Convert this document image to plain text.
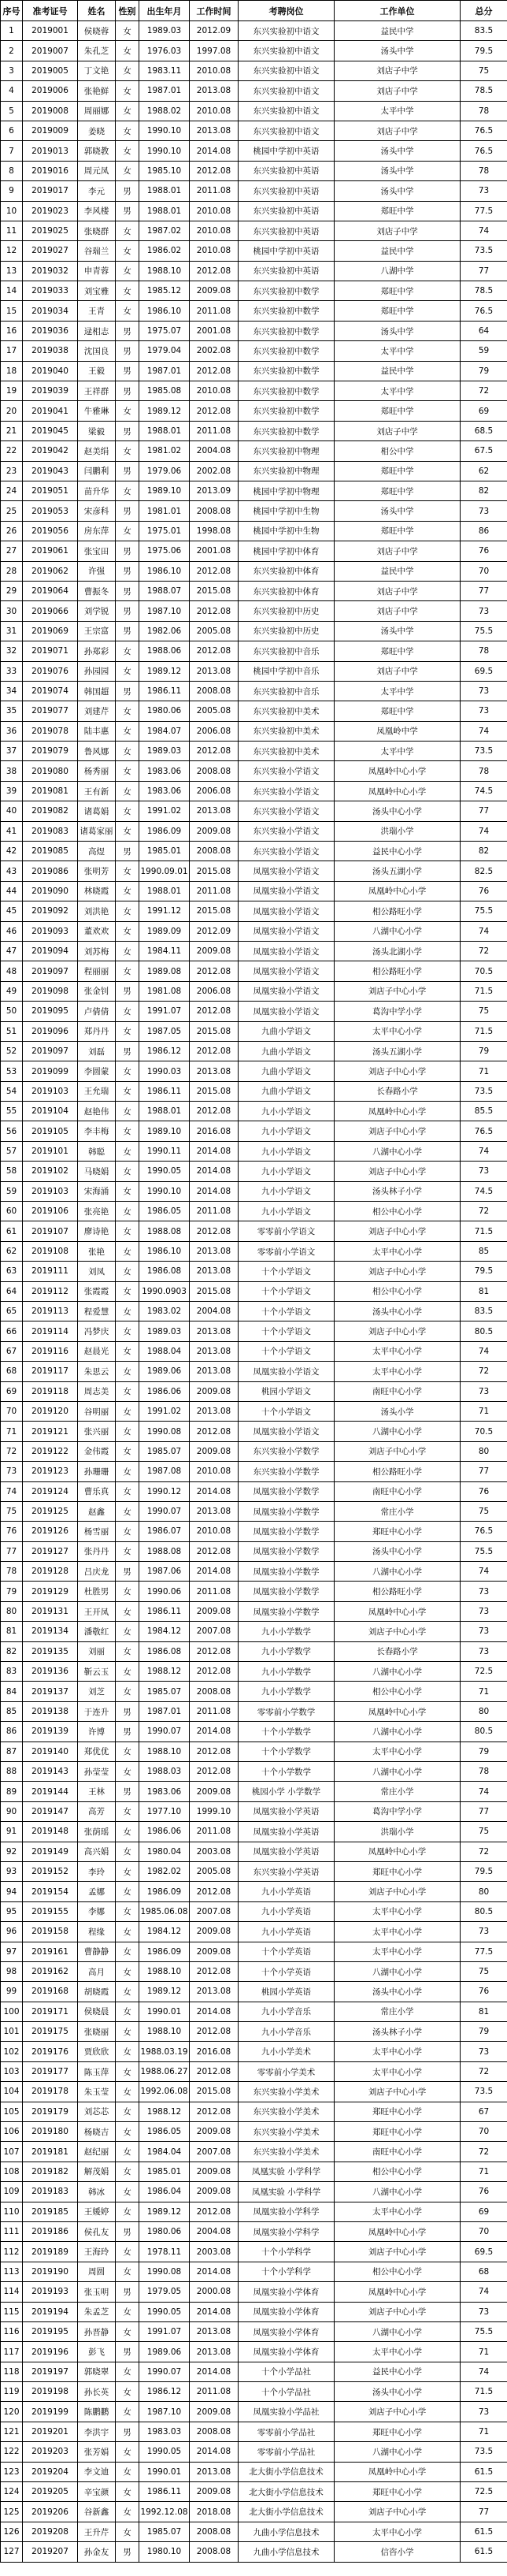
序号	准考证号	姓名	性别	出生年月	工作时间	考聘岗位	工作单位	总分
1	2019001	侯晓蓉	女	1989.03	2012.09	东兴实验初中语文	益民中学	83.5
2	2019007	朱孔芝	女	1976.03	1997.08	东兴实验初中语文	汤头中学	79.5
3	2019005	丁文艳	女	1983.11	2010.08	东兴实验初中语文	刘店子中学	75
4	2019006	张艳鲜	女	1987.01	2013.08	东兴实验初中语文	刘店子中学	78.5
5	2019008	周丽娜	女	1988.02	2010.08	东兴实验初中语文	太平中学	78
6	2019009	姜晓	女	1990.10	2013.08	东兴实验初中语文	刘店子中学	76.5
7	2019013	郭晓教	女	1990.10	2014.08	桃园中学初中英语	汤头中学	76.5
8	2019016	周元凤	女	1985.10	2012.08	东兴实验初中英语	汤头中学	78
9	2019017	李元	男	1988.01	2011.08	东兴实验初中英语	汤头中学	73
10	2019023	李风楼	男	1988.01	2010.08	东兴实验初中英语	郑旺中学	77.5
11	2019025	张晓群	女	1987.02	2010.08	东兴实验初中英语	刘店子中学	74
12	2019027	谷瑞兰	女	1986.02	2010.08	桃园中学初中英语	益民中学	73.5
13	2019032	申青蓉	女	1988.10	2012.08	东兴实验初中英语	八湖中学	77
14	2019033	刘宝雅	女	1985.12	2009.08	东兴实验初中数学	郑旺中学	78.5
15	2019034	王青	女	1986.10	2011.08	东兴实验初中数学	郑旺中学	76.5
16	2019036	逯相志	男	1975.07	2001.08	东兴实验初中数学	汤头中学	64
17	2019038	沈国良	男	1979.04	2002.08	东兴实验初中数学	太平中学	59
18	2019040	王毅	男	1987.01	2012.08	东兴实验初中数学	益民中学	79
19	2019039	王祥群	男	1985.08	2010.08	东兴实验初中数学	太平中学	72
20	2019041	牛雅琳	女	1989.12	2012.08	东兴实验初中数学	郑旺中学	69
21	2019045	梁毅	男	1988.01	2011.08	东兴实验初中数学	刘店子中学	68.5
22	2019042	赵美绢	女	1981.02	2004.08	东兴实验初中物理	相公中学	67.5
23	2019043	闫鹏利	男	1979.06	2002.08	东兴实验初中物理	郑旺中学	62
24	2019051	苗升华	女	1989.10	2013.09	桃园中学初中物理	郑旺中学	82
25	2019053	宋彦科	男	1981.01	2008.08	桃园中学初中生物	汤头中学	73
26	2019056	房东萍	女	1975.01	1998.08	桃园中学初中生物	郑旺中学	86
27	2019061	张宝田	男	1975.06	2001.08	桃园中学初中体育	刘店子中学	76
28	2019062	许强	男	1986.10	2012.08	东兴实验初中体育	益民中学	70
29	2019064	曹振冬	男	1988.07	2015.08	东兴实验初中体育	刘店子中学	77
30	2019066	刘学锐	男	1987.10	2012.08	东兴实验初中历史	刘店子中学	73
31	2019069	王宗富	男	1982.06	2005.08	东兴实验初中历史	汤头中学	75.5
32	2019071	孙郑彩	女	1988.06	2012.08	东兴实验初中音乐	郑旺中学	78
33	2019076	孙园园	女	1989.12	2013.08	桃园中学初中音乐	刘店子中学	69.5
34	2019074	韩国超	男	1986.11	2008.08	东兴实验初中音乐	太平中学	73
35	2019077	刘建芹	女	1980.06	2005.08	东兴实验初中美术	郑旺中学	73
36	2019078	陆丰惠	女	1984.07	2006.08	东兴实验初中美术	凤凰岭中学	74
37	2019079	鲁风娜	女	1989.03	2012.08	东兴实验初中美术	太平中学	73.5
38	2019080	杨秀丽	女	1983.06	2008.08	东兴实验小学语文	凤凰岭中心小学	78
39	2019081	王有新	女	1983.06	2006.08	东兴实验小学语文	凤凰岭中心小学	74.5
40	2019082	诸葛娟	女	1991.02	2013.08	东兴实验小学语文	汤头中心小学	77
41	2019083	诸葛家丽	女	1986.09	2009.08	东兴实验小学语文	洪瑞小学	74
42	2019085	高煜	男	1985.01	2008.08	东兴实验小学语文	益民中心小学	82
43	2019086	张明芳	女	1990.09.01	2015.08	凤凰实验小学语文	汤头五湖小学	82.5
44	2019090	林晓霞	女	1988.01	2011.08	凤凰实验小学语文	凤凰岭中心小学	76
45	2019092	刘洪艳	女	1991.12	2015.08	凤凰实验小学语文	相公路旺小学	75.5
46	2019093	董欢欢	女	1989.09	2012.09	凤凰实验小学语文	八湖中心小学	74
47	2019094	刘苏梅	女	1984.11	2009.08	凤凰实验小学语文	汤头北湖小学	72
48	2019097	程丽丽	女	1989.08	2012.08	凤凰实验小学语文	相公路旺小学	70.5
49	2019098	张金钊	男	1981.08	2006.08	凤凰实验小学语文	刘店子中心小学	71.5
50	2019095	卢倩倩	女	1991.07	2012.08	凤凰实验小学语文	葛沟中学小学	75
51	2019096	郑丹丹	女	1987.05	2015.08	九曲小学语文	太平中心小学	71.5
52	2019097	刘磊	男	1986.12	2012.08	九曲小学语文	汤头五湖小学	79
53	2019099	李圆蒙	女	1990.03	2013.08	九曲小学语文	刘店子中心小学	71
54	2019103	王允瑞	女	1986.11	2015.08	九曲小学语文	长春路小学	73.5
55	2019104	赵艳伟	女	1988.01	2012.08	九小小学语文	凤凰岭中心小学	85.5
56	2019105	李丰梅	女	1989.10	2016.08	九小小学语文	刘店子中心小学	76.5
57	2019101	韩聪	女	1990.11	2014.08	九小小学语文	八湖中心小学	74
58	2019102	马晓娟	女	1990.05	2014.08	九小小学语文	刘店子中心小学	73
59	2019103	宋海涌	女	1990.10	2014.08	九小小学语文	汤头林子小学	74.5
60	2019106	张亮艳	女	1986.05	2011.08	九小小学语文	相公中心小学	72
61	2019107	廖诗艳	女	1988.08	2012.08	零零前小学语文	刘店子中心小学	71.5
62	2019108	张艳	女	1986.10	2013.08	零零前小学语文	太平中心小学	85
63	2019111	刘凤	女	1986.08	2013.08	十个小学语文	刘店子中心小学	79.5
64	2019112	张霞霞	女	1990.0903	2015.08	十个小学语文	相公中心小学	81
65	2019113	程爱慧	女	1983.02	2004.08	十个小学语文	汤头中心小学	83.5
66	2019114	冯梦庆	女	1989.03	2013.08	十个小学语文	刘店子中心小学	80.5
67	2019116	赵晨光	女	1988.04	2013.08	十个小学语文	太平中心小学	74
68	2019117	朱思云	女	1989.06	2013.08	凤凰实验小学语文	太平中心小学	72
69	2019118	周志美	女	1986.06	2009.08	桃园小学语文	南旺中心小学	73
70	2019120	谷明丽	女	1991.02	2013.08	十个小学语文	汤头小学	71
71	2019121	张兴丽	女	1990.08	2012.08	凤凰实验小学语文	八湖中心小学	70.5
72	2019122	金伟霞	女	1985.07	2009.08	东兴实验小学数学	刘店子中心小学	80
73	2019123	孙珊珊	女	1987.08	2010.08	东兴实验小学数学	相公路旺小学	77
74	2019124	曹乐真	女	1990.12	2014.08	凤凰实验小学数学	南旺中心小学	76
75	2019125	赵鑫	女	1990.07	2013.08	凤凰实验小学数学	常庄小学	75
76	2019126	杨雪丽	女	1986.07	2010.08	凤凰实验小学数学	郑旺中心小学	76.5
77	2019127	张丹丹	女	1988.08	2012.08	凤凰实验小学数学	汤头中心小学	75.5
78	2019128	吕庆龙	男	1987.06	2014.08	凤凰实验小学数学	八湖中心小学	74
79	2019129	杜胜男	女	1990.06	2011.08	凤凰实验小学数学	相公路旺小学	73
80	2019131	王开凤	女	1986.11	2009.08	凤凰实验小学数学	凤凰岭中心小学	73
81	2019134	潘敬红	女	1984.12	2007.08	九小小学数学	刘店子中心小学	73
82	2019135	刘丽	女	1986.08	2012.08	九小小学数学	长春路小学	73
83	2019136	靳云玉	女	1988.12	2012.08	九小小学数学	八湖中心小学	72.5
84	2019137	刘芝	女	1985.07	2008.08	九小小学数学	相公中心小学	71
85	2019138	于连升	男	1987.01	2011.08	零零前小学数学	凤凰岭中心小学	80
86	2019139	许博	男	1990.07	2014.08	十个小学数学	八湖中心小学	80.5
87	2019140	郑优优	女	1988.10	2012.08	十个小学数学	太平中心小学	79
88	2019143	孙莹莹	女	1988.03	2012.08	十个小学数学	八湖中心小学	78
89	2019144	王林	男	1983.06	2009.08	桃园小学 小学数学	常庄小学	74
90	2019147	高芳	女	1977.10	1999.10	凤凰实验小学英语	葛沟中学小学	77
91	2019148	张荫瑶	女	1986.06	2011.08	凤凰实验小学英语	洪瑞小学	75
92	2019149	高兴娟	女	1980.04	2003.08	凤凰实验小学英语	凤凰岭中心小学	72
93	2019152	李玲	女	1982.02	2005.08	东兴实验小学英语	郑旺中心小学	79.5
94	2019154	孟娜	女	1986.09	2012.08	九小小学英语	刘店子中心小学	80
95	2019155	李娜	女	1985.06.08	2007.08	九小小学英语	太平中心小学	80.5
96	2019158	程缘	女	1984.12	2009.08	九小小学英语	太平中心小学	73
97	2019161	曹静静	女	1986.09	2009.08	十个小学英语	太平中心小学	77.5
98	2019162	高月	女	1988.10	2012.08	十个小学英语	八湖中心小学	75
99	2019168	胡晓霞	女	1989.12	2013.08	桃园小学英语	汤头中心小学	76
100	2019171	侯晓晨	女	1990.01	2014.08	九小小学音乐	常庄小学	81
101	2019175	张晓丽	女	1988.10	2012.08	九小小学音乐	汤头林子小学	79
102	2019176	贾欣欣	女	1988.03.19	2016.08	九小小学美术	太平中心小学	73
103	2019177	陈玉萍	女	1988.06.27	2012.08	零零前小学美术	太平中心小学	72
104	2019178	朱玉莹	女	1992.06.08	2015.08	东兴实验小学美术	刘店子中心小学	73.5
105	2019179	刘芯芯	女	1988.12	2012.08	东兴实验小学美术	郑旺中心小学	67
106	2019180	杨晓吉	女	1986.05	2009.08	东兴实验小学美术	郑旺中心小学	70
107	2019181	赵纪丽	女	1984.04	2007.08	东兴实验小学美术	南旺中心小学	72
108	2019182	解茂娟	女	1985.01	2009.08	凤凰实验 小学科学	相公中心小学	71
109	2019183	韩冰	女	1986.04	2009.08	凤凰实验 小学科学	八湖中心小学	76
110	2019185	王媛婷	女	1989.12	2012.08	凤凰实验小学科学	太平中心小学	69
111	2019186	侯孔友	男	1980.06	2004.08	凤凰实验小学科学	凤凰岭中心小学	70
112	2019189	王海玲	女	1978.11	2003.08	十个小学科学	刘店子中心小学	69.5
113	2019190	周圆	女	1990.08	2014.08	十个小学科学	相公中心小学	68
114	2019193	张玉明	男	1979.05	2000.08	凤凰实验小学体育	凤凰岭中心小学	74
115	2019194	朱孟芝	女	1990.05	2014.08	凤凰实验小学体育	刘店子中心小学	73
116	2019195	孙晋静	女	1991.07	2013.08	凤凰实验小学体育	八湖中心小学	75.5
117	2019196	彭飞	男	1989.06	2013.08	凤凰实验小学体育	太平中心小学	71
118	2019197	郭晓翠	女	1990.07	2014.08	十个小学品社	益民中心小学	74
119	2019198	孙长英	女	1986.12	2011.08	十个小学品社	汤头中心小学	71.5
120	2019199	陈鹏鹏	女	1987.10	2009.08	凤凰实验小学品社	刘店子中心小学	73
121	2019201	李洪宇	男	1983.03	2008.08	零零前小学品社	郑旺中心小学	71
122	2019203	张芳娟	女	1990.05	2014.08	零零前小学品社	八湖中心小学	73.5
123	2019204	李文迪	女	1990.01	2013.08	北大街小学信息技术	凤凰岭中心小学	61.5
124	2019205	辛宝颜	女	1986.11	2009.08	北大街小学信息技术	郑旺中心小学	72.5
125	2019206	谷新鑫	女	1992.12.08	2018.08	北大街小学信息技术	刘店子中心小学	77
126	2019208	王升芹	女	1985.07	2008.08	九曲小学信息技术	太平中心小学	61.5
127	2019207	孙金友	男	1980.10	2008.08	九曲小学信息技术	信咨小学	61.5
